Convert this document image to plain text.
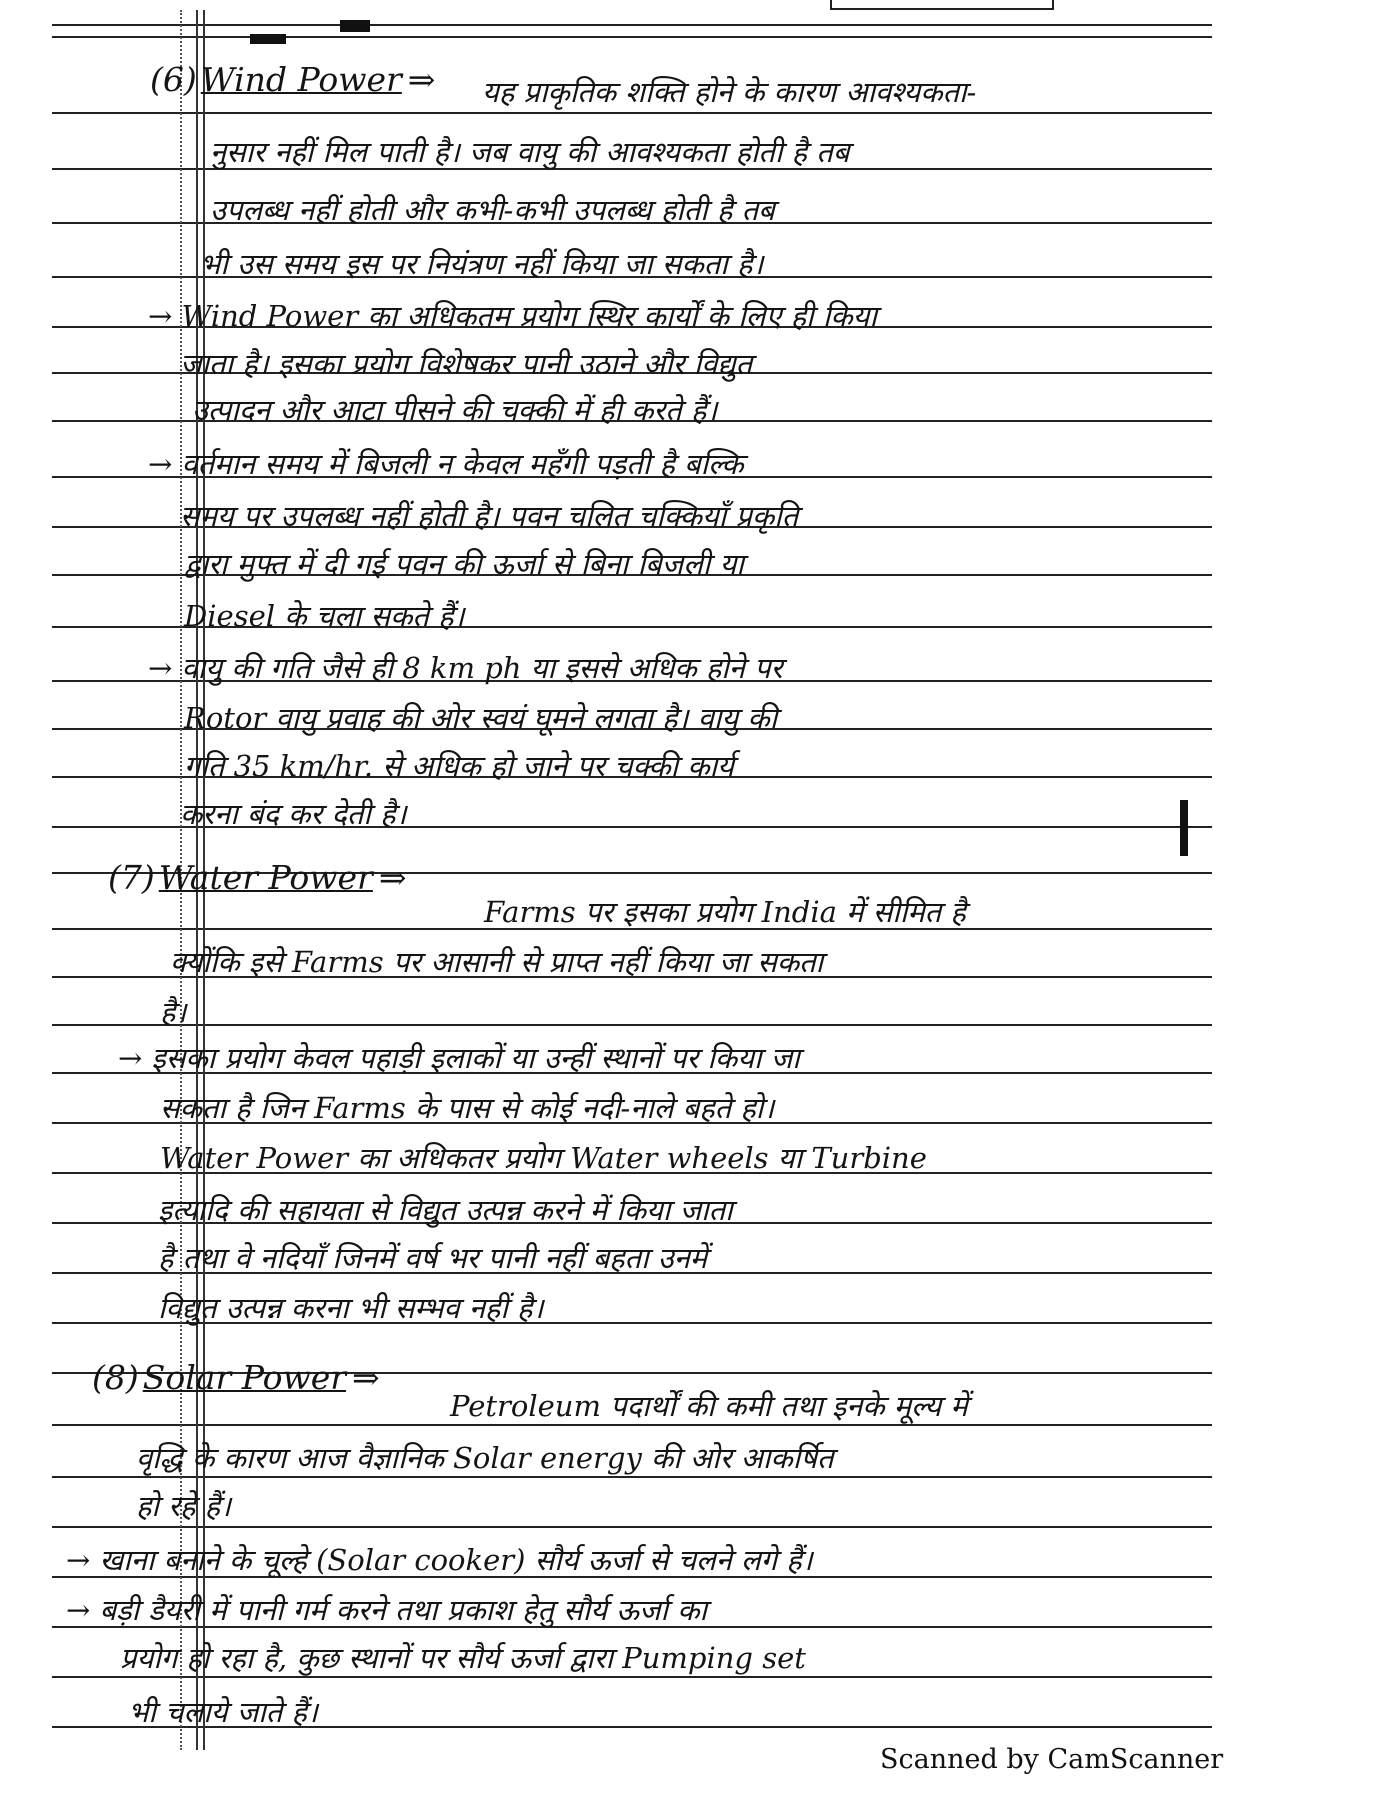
(6) Wind Power ⇒ यह प्राकृतिक शक्ति होने के कारण आवश्यकता-
नुसार नहीं मिल पाती है। जब वायु की आवश्यकता होती है तब
उपलब्ध नहीं होती और कभी-कभी उपलब्ध होती है तब
भी उस समय इस पर नियंत्रण नहीं किया जा सकता है।
→ Wind Power का अधिकतम प्रयोग स्थिर कार्यों के लिए ही किया
जाता है। इसका प्रयोग विशेषकर पानी उठाने और विद्युत
उत्पादन और आटा पीसने की चक्की में ही करते हैं।
→ वर्तमान समय में बिजली न केवल महँगी पड़ती है बल्कि
समय पर उपलब्ध नहीं होती है। पवन चलित चक्कियाँ प्रकृति
द्वारा मुफ्त में दी गई पवन की ऊर्जा से बिना बिजली या
Diesel के चला सकते हैं।
→ वायु की गति जैसे ही 8 km ph या इससे अधिक होने पर
Rotor वायु प्रवाह की ओर स्वयं घूमने लगता है। वायु की
गति 35 km/hr. से अधिक हो जाने पर चक्की कार्य
करना बंद कर देती है।
(7) Water Power ⇒
Farms पर इसका प्रयोग India में सीमित है
क्योंकि इसे Farms पर आसानी से प्राप्त नहीं किया जा सकता
है।
→ इसका प्रयोग केवल पहाड़ी इलाकों या उन्हीं स्थानों पर किया जा
सकता है जिन Farms के पास से कोई नदी-नाले बहते हो।
Water Power का अधिकतर प्रयोग Water wheels या Turbine
इत्यादि की सहायता से विद्युत उत्पन्न करने में किया जाता
है तथा वे नदियाँ जिनमें वर्ष भर पानी नहीं बहता उनमें
विद्युत उत्पन्न करना भी सम्भव नहीं है।
(8) Solar Power ⇒
Petroleum पदार्थों की कमी तथा इनके मूल्य में
वृद्धि के कारण आज वैज्ञानिक Solar energy की ओर आकर्षित
हो रहे हैं।
→ खाना बनाने के चूल्हे (Solar cooker) सौर्य ऊर्जा से चलने लगे हैं।
→ बड़ी डैयरी में पानी गर्म करने तथा प्रकाश हेतु सौर्य ऊर्जा का
प्रयोग हो रहा है, कुछ स्थानों पर सौर्य ऊर्जा द्वारा Pumping set
भी चलाये जाते हैं।
Scanned by CamScanner
